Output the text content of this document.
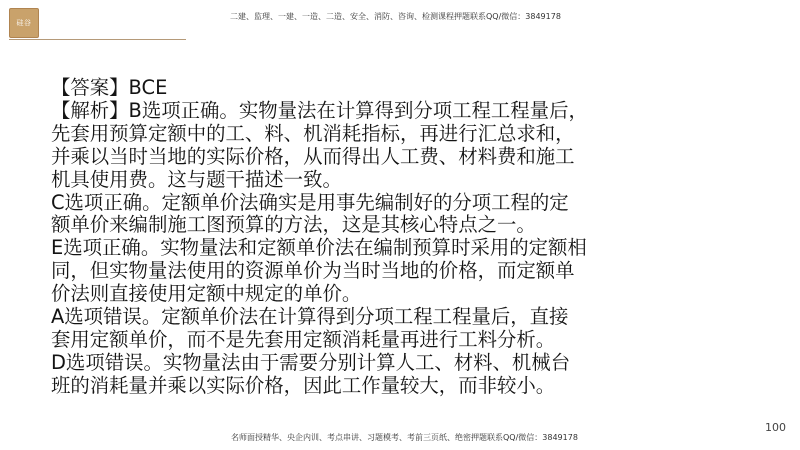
硅谷
二建、监理、一建、一造、二造、安全、消防、咨询、检测课程押题联系QQ/微信：3849178

【答案】BCE

【解析】B选项正确。实物量法在计算得到分项工程工程量后，

先套用预算定额中的工、料、机消耗指标，再进行汇总求和，

并乘以当时当地的实际价格，从而得出人工费、材料费和施工

机具使用费。这与题干描述一致。

C选项正确。定额单价法确实是用事先编制好的分项工程的定

额单价来编制施工图预算的方法，这是其核心特点之一。

E选项正确。实物量法和定额单价法在编制预算时采用的定额相

同，但实物量法使用的资源单价为当时当地的价格，而定额单

价法则直接使用定额中规定的单价。

A选项错误。定额单价法在计算得到分项工程工程量后，直接

套用定额单价，而不是先套用定额消耗量再进行工料分析。

D选项错误。实物量法由于需要分别计算人工、材料、机械台

班的消耗量并乘以实际价格，因此工作量较大，而非较小。

100
名师面授精华、央企内训、考点串讲、习题模考、考前三页纸、绝密押题联系QQ/微信：3849178
